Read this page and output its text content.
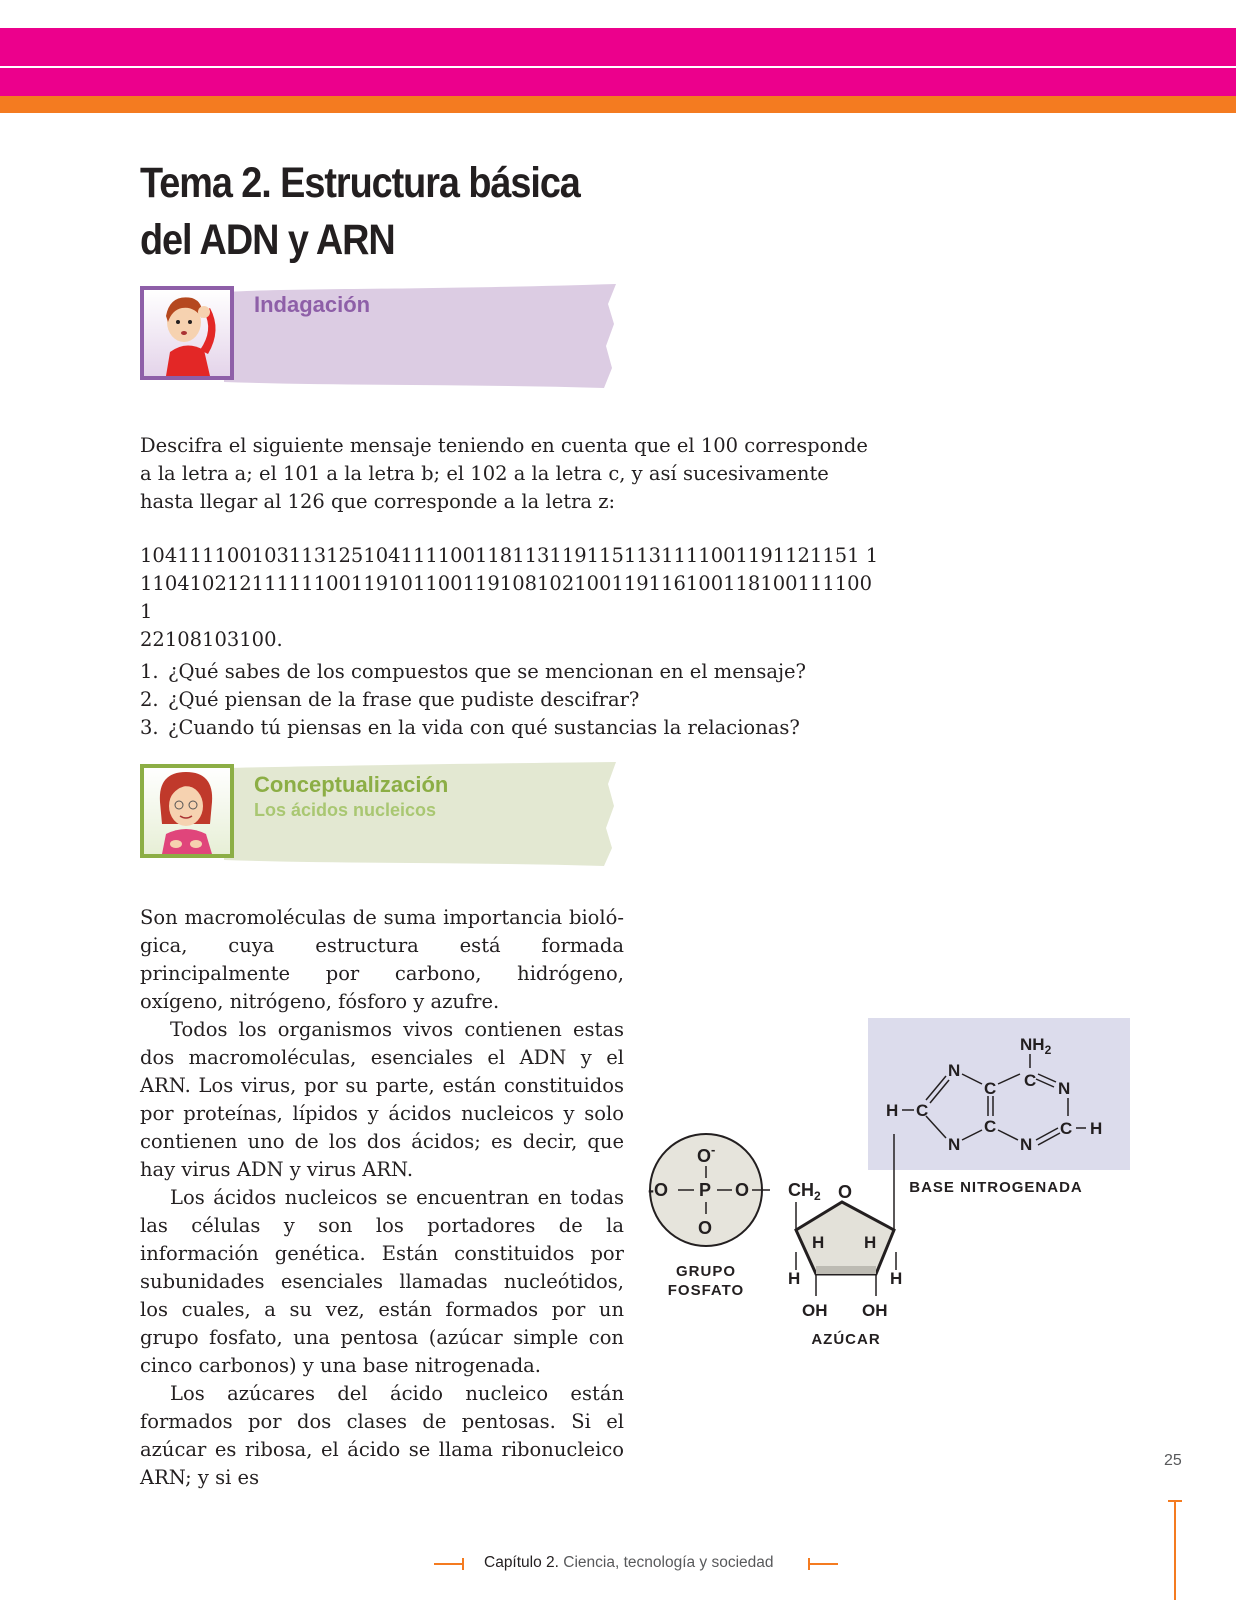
Tema 2. Estructura básica
del ADN y ARN
Indagación
Descifra el siguiente mensaje teniendo en cuenta que el 100 corresponde a la letra a; el 101 a la letra b; el 102 a la letra c, y así sucesivamente hasta llegar al 126 que corresponde a la letra z:
1041111001031131251041111001181131191151131111001191121151 1
11041021211111100119101100119108102100119116100118100111100 1
22108103100.
1. ¿Qué sabes de los compuestos que se mencionan en el mensaje?
2. ¿Qué piensan de la frase que pudiste descifrar?
3. ¿Cuando tú piensas en la vida con qué sustancias la relacionas?
Conceptualización
Los ácidos nucleicos

Son macromoléculas de suma importancia bioló-gica, cuya estructura está formada principalmente por carbono, hidrógeno, oxígeno, nitrógeno, fósforo y azufre.

Todos los organismos vivos contienen estas dos macromoléculas, esenciales el ADN y el ARN. Los virus, por su parte, están constituidos por proteínas, lípidos y ácidos nucleicos y solo contienen uno de los dos ácidos; es decir, que hay virus ADN y virus ARN.

Los ácidos nucleicos se encuentran en todas las células y son los portadores de la información genética. Están constituidos por subunidades esenciales llamadas nucleótidos, los cuales, a su vez, están formados por un grupo fosfato, una pentosa (azúcar simple con cinco carbonos) y una base nitrogenada.

Los azúcares del ácido nucleico están formados por dos clases de pentosas. Si el azúcar es ribosa, el ácido se llama ribonucleico ARN; y si es

O-
-O P O
O
GRUPO
FOSFATO
$CH_2$ O
H H
H	H
OH OH
AZÚCAR
$NH_2$
C
N
C	N
H C
C
N	N
C H
BASE NITROGENADA
25
Capítulo 2. Ciencia, tecnología y sociedad
